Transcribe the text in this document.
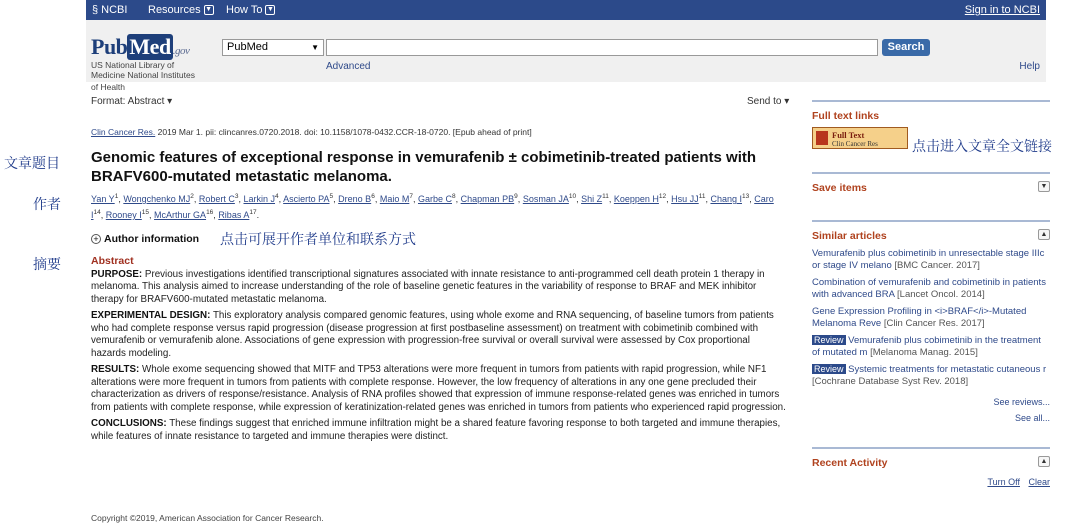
§ NCBI Resources ▼ How To ▼	Sign in to NCBI
PubMed .gov
US National Library of
Medicine National Institutes
PubMed	▼	Search
Advanced	Help
of Health
Format: Abstract ▾	Send to ▾
Clin Cancer Res. 2019 Mar 1. pii: clincanres.0720.2018. doi: 10.1158/1078-0432.CCR-18-0720. [Epub ahead of print]
Genomic features of exceptional response in vemurafenib ± cobimetinib-treated patients with BRAFV600-mutated metastatic melanoma.
Yan $Y^1$, Wongchenko $MJ^2$, Robert $C^3$, Larkin $J^4$, Ascierto $PA^5$, Dreno $B^6$, Maio $M^7$, Garbe $C^8$, Chapman $PB^9$, Sosman JA$^{10}$, Shi $Z^{11}$, Koeppen $H^{12}$, Hsu JJ$^{11}$, Chang $I^{13}$, Caro $I^{14}$, Rooney $I^{15}$, McArthur GA$^{16}$, Ribas $A^{17}$.
+ Author information
文章题目
作者
摘要
点击可展开作者单位和联系方式
点击进入文章全文链接
Abstract

PURPOSE: Previous investigations identified transcriptional signatures associated with innate resistance to anti-programmed cell death protein 1 therapy in melanoma. This analysis aimed to increase understanding of the role of baseline genetic features in the variability of response to BRAF and MEK inhibitor therapy for BRAFV600-mutated metastatic melanoma.

EXPERIMENTAL DESIGN: This exploratory analysis compared genomic features, using whole exome and RNA sequencing, of baseline tumors from patients who had complete response versus rapid progression (disease progression at first postbaseline assessment) on treatment with cobimetinib combined with vemurafenib or vemurafenib alone. Associations of gene expression with progression-free survival or overall survival were assessed by Cox proportional hazards modeling.

RESULTS: Whole exome sequencing showed that MITF and TP53 alterations were more frequent in tumors from patients with rapid progression, while NF1 alterations were more frequent in tumors from patients with complete response. However, the low frequency of alterations in any one gene precluded their characterization as drivers of response/resistance. Analysis of RNA profiles showed that expression of immune response-related genes was enriched in tumors from patients with complete response, while expression of keratinization-related genes was enriched in tumors from patients who experienced rapid progression.

CONCLUSIONS: These findings suggest that enriched immune infiltration might be a shared feature favoring response to both targeted and immune therapies, while features of innate resistance to targeted and immune therapies were distinct.

Copyright ©2019, American Association for Cancer Research.
Full text links
Full Text
Clin Cancer Res
Save items	▼
Similar articles	▲
Vemurafenib plus cobimetinib in unresectable stage IIIc or stage IV melano [BMC Cancer. 2017]
Combination of vemurafenib and cobimetinib in patients with advanced BRA [Lancet Oncol. 2014]
Gene Expression Profiling in <i>BRAF</i>-Mutated Melanoma Reve [Clin Cancer Res. 2017]
Review Vemurafenib plus cobimetinib in the treatment of mutated m [Melanoma Manag. 2015]
Review Systemic treatments for metastatic cutaneous r [Cochrane Database Syst Rev. 2018]
See reviews...
See all...
Recent Activity	▲
Turn Off Clear
